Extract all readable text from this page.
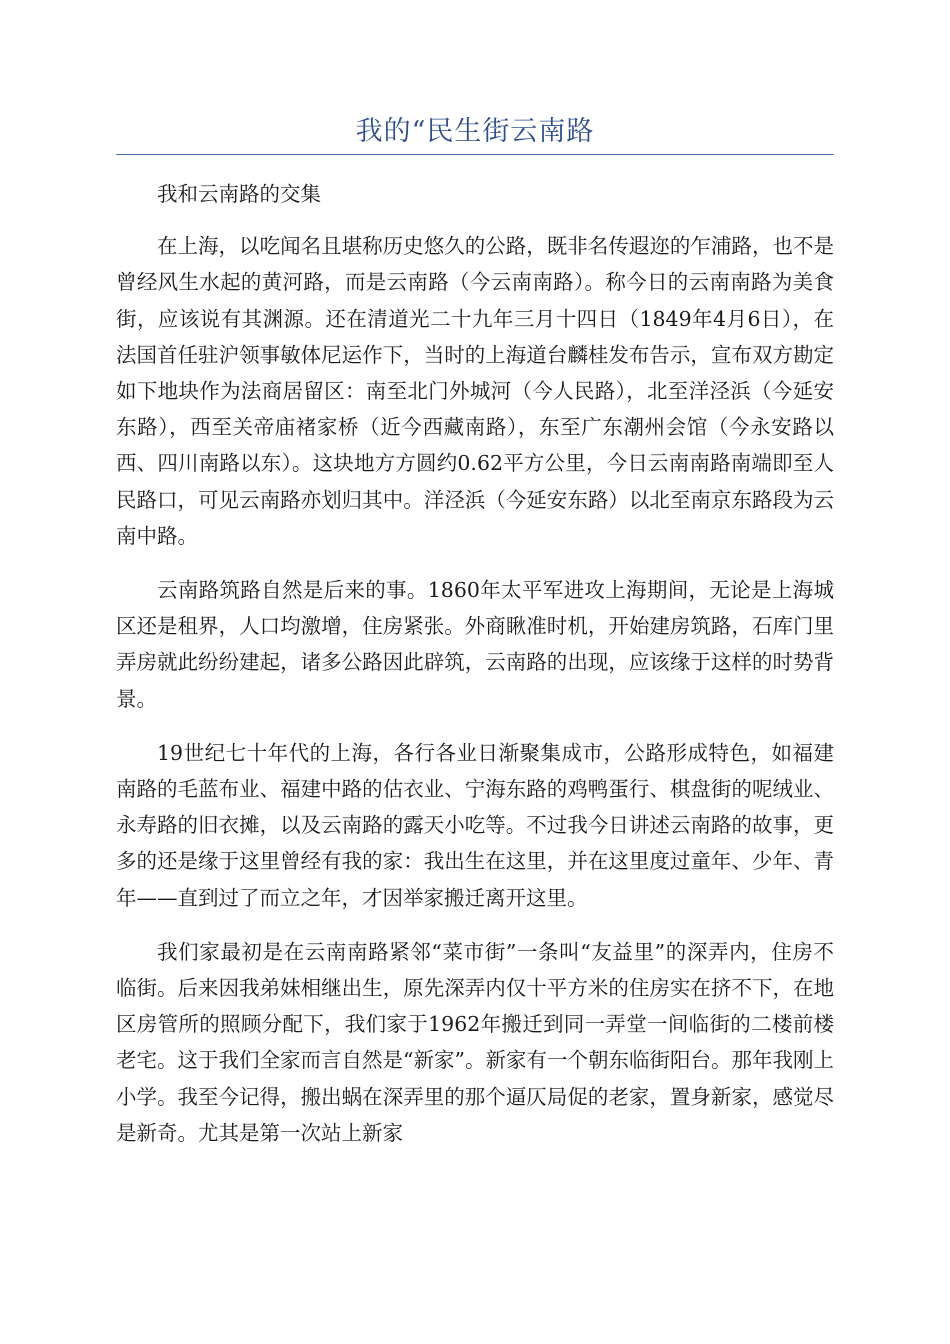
我的“民生街云南路

我和云南路的交集

在上海，以吃闻名且堪称历史悠久的公路，既非名传遐迩的乍浦路，也不是曾经风生水起的黄河路，而是云南路（今云南南路）。称今日的云南南路为美食街，应该说有其渊源。还在清道光二十九年三月十四日（1849年4月6日），在法国首任驻沪领事敏体尼运作下，当时的上海道台麟桂发布告示，宣布双方勘定如下地块作为法商居留区：南至北门外城河（今人民路），北至洋泾浜（今延安东路），西至关帝庙褚家桥（近今西藏南路），东至广东潮州会馆（今永安路以西、四川南路以东）。这块地方方圆约0.62平方公里，今日云南南路南端即至人民路口，可见云南路亦划归其中。洋泾浜（今延安东路）以北至南京东路段为云南中路。

云南路筑路自然是后来的事。1860年太平军进攻上海期间，无论是上海城区还是租界，人口均激增，住房紧张。外商瞅准时机，开始建房筑路，石库门里弄房就此纷纷建起，诸多公路因此辟筑，云南路的出现，应该缘于这样的时势背景。

19世纪七十年代的上海，各行各业日渐聚集成市，公路形成特色，如福建南路的毛蓝布业、福建中路的估衣业、宁海东路的鸡鸭蛋行、棋盘街的呢绒业、永寿路的旧衣摊，以及云南路的露天小吃等。不过我今日讲述云南路的故事，更多的还是缘于这里曾经有我的家：我出生在这里，并在这里度过童年、少年、青年——直到过了而立之年，才因举家搬迁离开这里。

我们家最初是在云南南路紧邻“菜市街”一条叫“友益里”的深弄内，住房不临街。后来因我弟妹相继出生，原先深弄内仅十平方米的住房实在挤不下，在地区房管所的照顾分配下，我们家于1962年搬迁到同一弄堂一间临街的二楼前楼老宅。这于我们全家而言自然是“新家”。新家有一个朝东临街阳台。那年我刚上小学。我至今记得，搬出蜗在深弄里的那个逼仄局促的老家，置身新家，感觉尽是新奇。尤其是第一次站上新家
